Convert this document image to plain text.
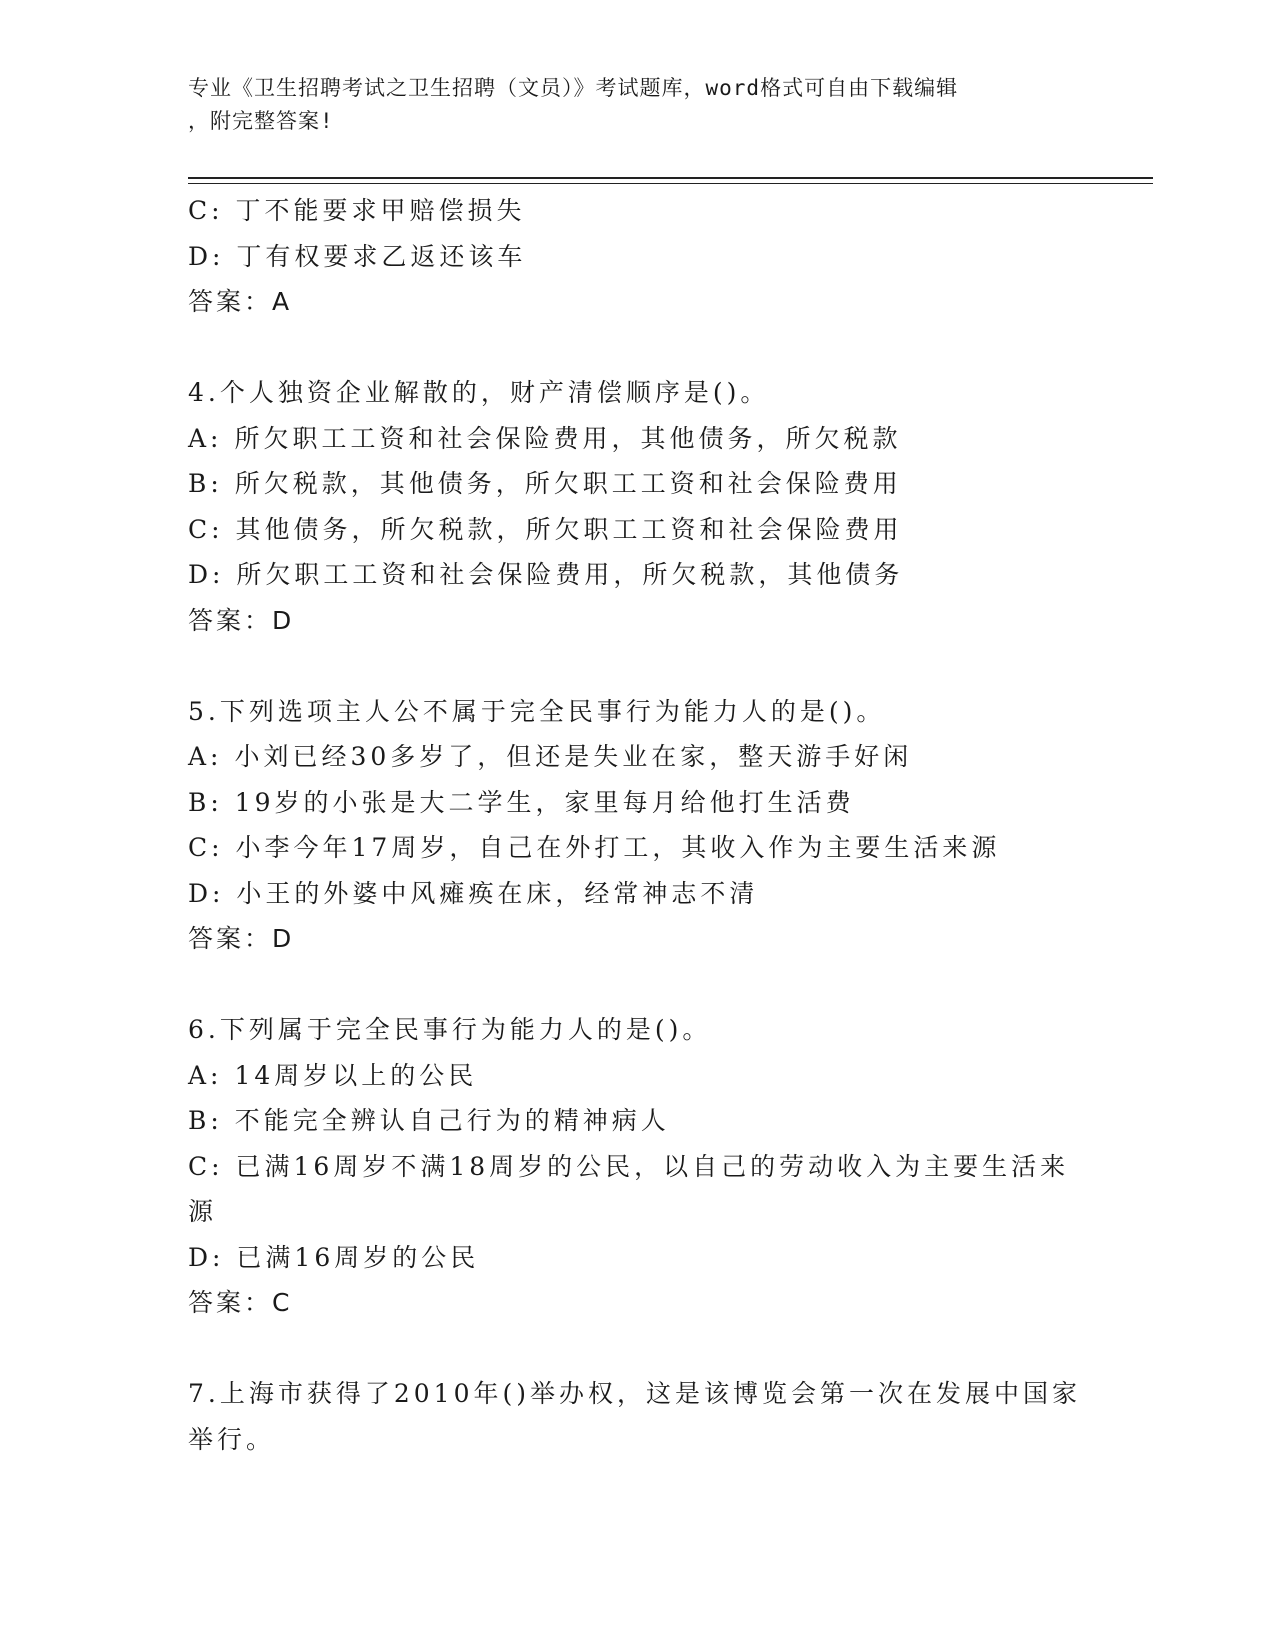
专业《卫生招聘考试之卫生招聘（文员）》考试题库，word格式可自由下载编辑
，附完整答案!
C: 丁不能要求甲赔偿损失
D: 丁有权要求乙返还该车
答案：A
4.个人独资企业解散的，财产清偿顺序是()。
A: 所欠职工工资和社会保险费用，其他债务，所欠税款
B: 所欠税款，其他债务，所欠职工工资和社会保险费用
C: 其他债务，所欠税款，所欠职工工资和社会保险费用
D: 所欠职工工资和社会保险费用，所欠税款，其他债务
答案：D
5.下列选项主人公不属于完全民事行为能力人的是()。
A: 小刘已经30多岁了，但还是失业在家，整天游手好闲
B: 19岁的小张是大二学生，家里每月给他打生活费
C: 小李今年17周岁，自己在外打工，其收入作为主要生活来源
D: 小王的外婆中风瘫痪在床，经常神志不清
答案：D
6.下列属于完全民事行为能力人的是()。
A: 14周岁以上的公民
B: 不能完全辨认自己行为的精神病人
C: 已满16周岁不满18周岁的公民，以自己的劳动收入为主要生活来
源
D: 已满16周岁的公民
答案：C
7.上海市获得了2010年()举办权，这是该博览会第一次在发展中国家
举行。
